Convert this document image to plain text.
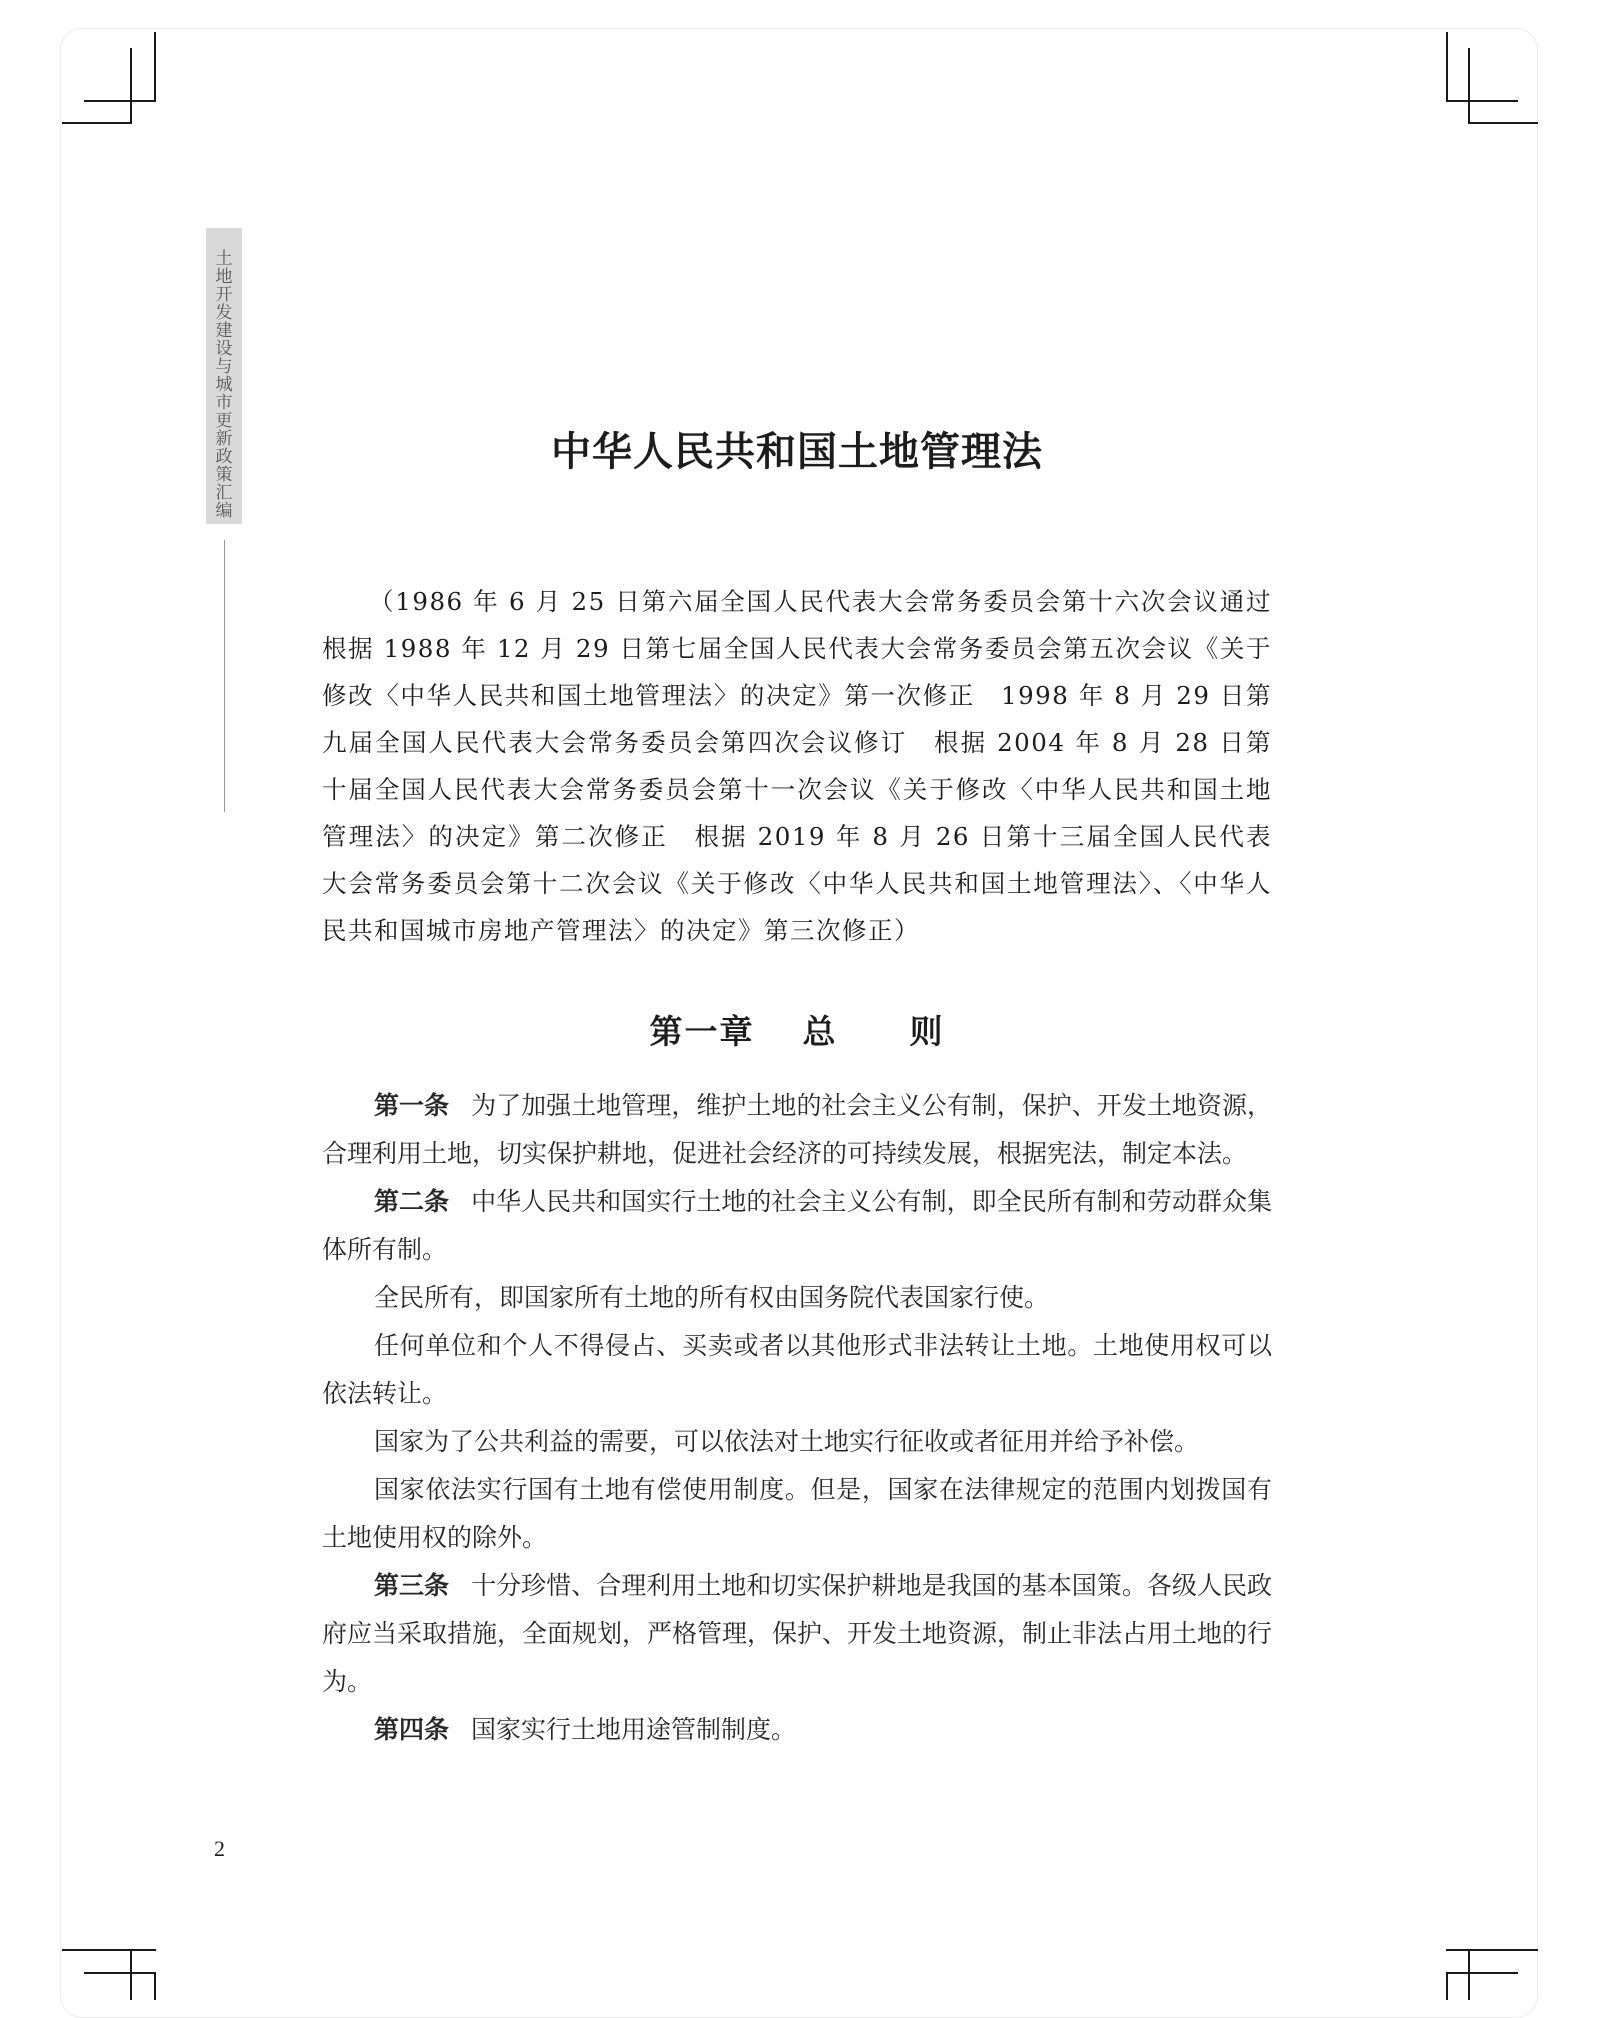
土地开发建设与城市更新政策汇编
中华人民共和国土地管理法
（1986 年 6 月 25 日第六届全国人民代表大会常务委员会第十六次会议通过　根据 1988 年 12 月 29 日第七届全国人民代表大会常务委员会第五次会议《关于修改〈中华人民共和国土地管理法〉的决定》第一次修正　1998 年 8 月 29 日第九届全国人民代表大会常务委员会第四次会议修订　根据 2004 年 8 月 28 日第十届全国人民代表大会常务委员会第十一次会议《关于修改〈中华人民共和国土地管理法〉的决定》第二次修正　根据 2019 年 8 月 26 日第十三届全国人民代表大会常务委员会第十二次会议《关于修改〈中华人民共和国土地管理法〉、〈中华人民共和国城市房地产管理法〉的决定》第三次修正）
第一章 总 则

第一条 为了加强土地管理，维护土地的社会主义公有制，保护、开发土地资源，合理利用土地，切实保护耕地，促进社会经济的可持续发展，根据宪法，制定本法。

第二条 中华人民共和国实行土地的社会主义公有制，即全民所有制和劳动群众集体所有制。

全民所有，即国家所有土地的所有权由国务院代表国家行使。

任何单位和个人不得侵占、买卖或者以其他形式非法转让土地。土地使用权可以依法转让。

国家为了公共利益的需要，可以依法对土地实行征收或者征用并给予补偿。

国家依法实行国有土地有偿使用制度。但是，国家在法律规定的范围内划拨国有土地使用权的除外。

第三条 十分珍惜、合理利用土地和切实保护耕地是我国的基本国策。各级人民政府应当采取措施，全面规划，严格管理，保护、开发土地资源，制止非法占用土地的行为。

第四条 国家实行土地用途管制制度。

2
